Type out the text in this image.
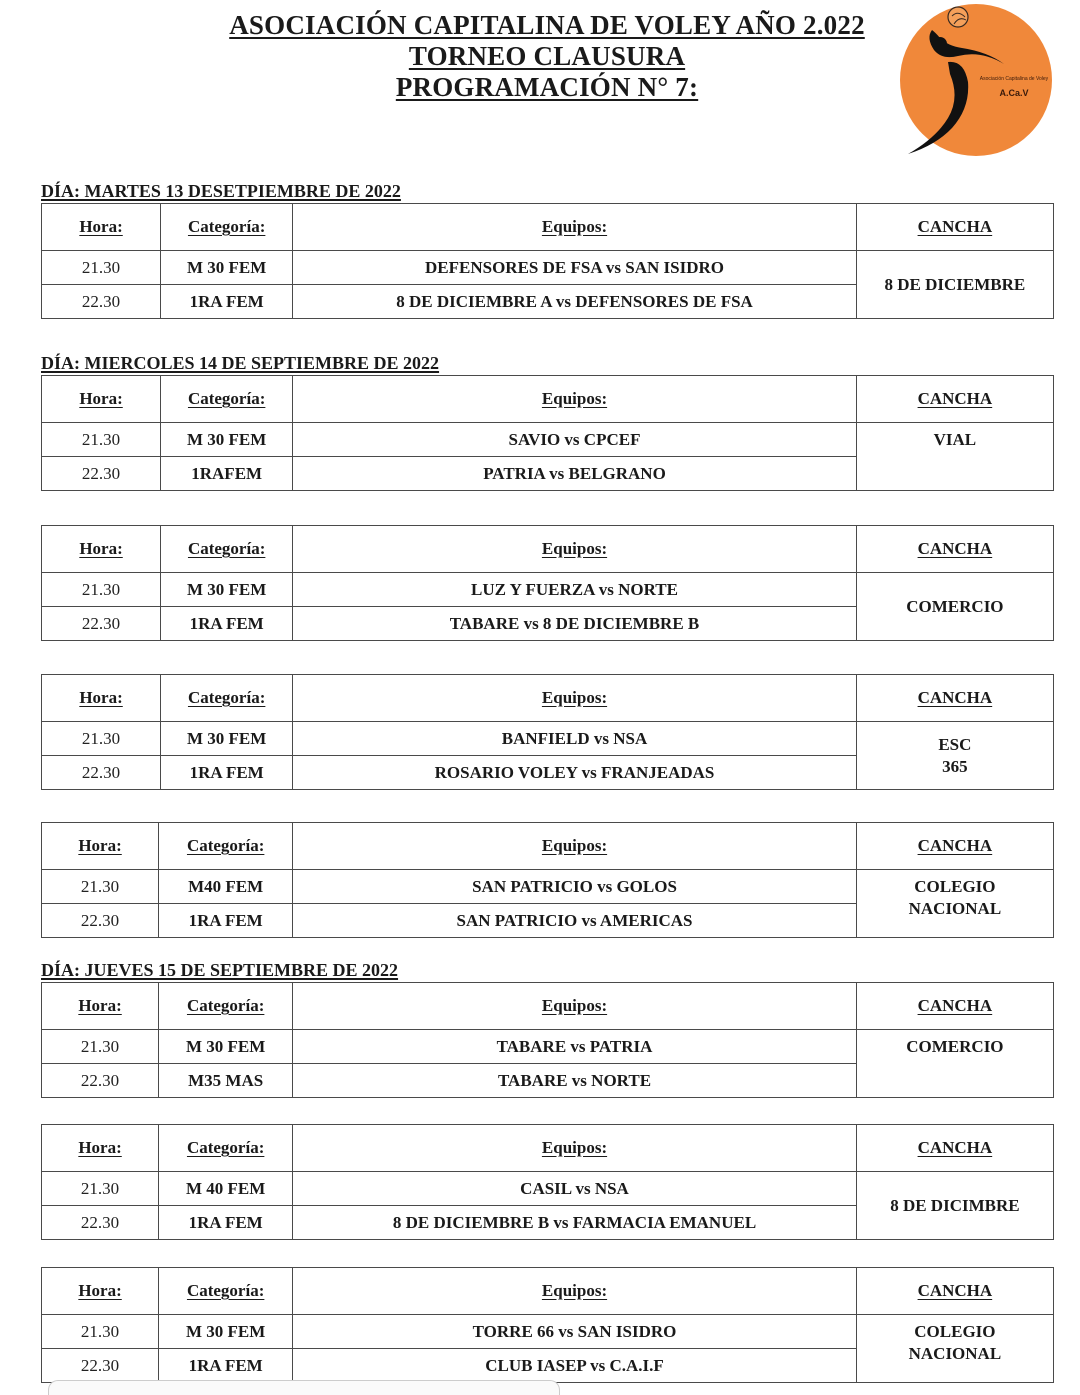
ASOCIACIÓN CAPITALINA DE VOLEY AÑO 2.022
TORNEO CLAUSURA
PROGRAMACIÓN N° 7:	Asociación Capitalina de Voley
A.Ca.V
DÍA: MARTES 13 DESETPIEMBRE DE 2022
Hora:	Categoría:	Equipos:	CANCHA
21.30	M 30 FEM	DEFENSORES DE FSA vs SAN ISIDRO	8 DE DICIEMBRE

22.30	1RA FEM	8 DE DICIEMBRE A vs DEFENSORES DE FSA	
DÍA: MIERCOLES 14 DE SEPTIEMBRE DE 2022
Hora:	Categoría:	Equipos:	CANCHA
21.30	M 30 FEM	SAVIO vs CPCEF	VIAL

22.30	1RAFEM	PATRIA vs BELGRANO	
Hora:	Categoría:	Equipos:	CANCHA
21.30	M 30 FEM	LUZ Y FUERZA vs NORTE	COMERCIO

22.30	1RA FEM	TABARE vs 8 DE DICIEMBRE B	
Hora:	Categoría:	Equipos:	CANCHA
21.30	M 30 FEM	BANFIELD vs NSA	ESC
365

22.30	1RA FEM	ROSARIO VOLEY vs FRANJEADAS	
Hora:	Categoría:	Equipos:	CANCHA
21.30	M40 FEM	SAN PATRICIO vs GOLOS	COLEGIO
NACIONAL

22.30	1RA FEM	SAN PATRICIO vs AMERICAS	
DÍA: JUEVES 15 DE SEPTIEMBRE DE 2022
Hora:	Categoría:	Equipos:	CANCHA
21.30	M 30 FEM	TABARE vs PATRIA	COMERCIO

22.30	M35 MAS	TABARE vs NORTE	
Hora:	Categoría:	Equipos:	CANCHA
21.30	M 40 FEM	CASIL vs NSA	8 DE DICIMBRE

22.30	1RA FEM	8 DE DICIEMBRE B vs FARMACIA EMANUEL	
Hora:	Categoría:	Equipos:	CANCHA
21.30	M 30 FEM	TORRE 66 vs SAN ISIDRO	COLEGIO
NACIONAL

22.30	1RA FEM	CLUB IASEP vs C.A.I.F	
